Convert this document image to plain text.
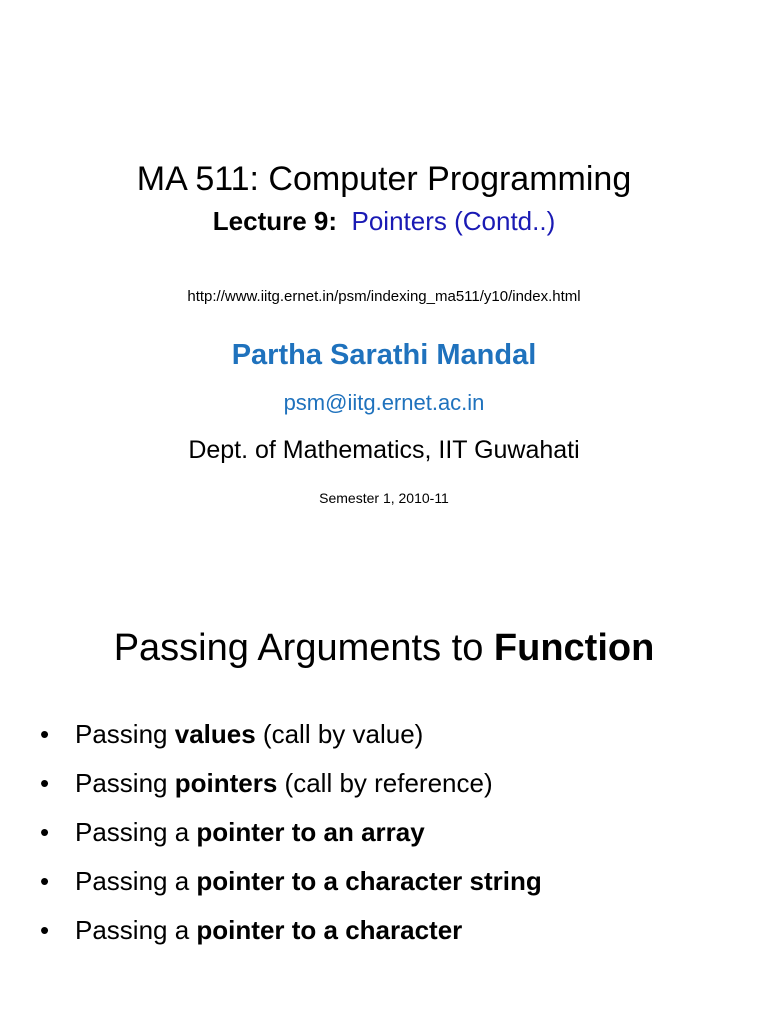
MA 511: Computer Programming
Lecture 9: Pointers (Contd..)
http://www.iitg.ernet.in/psm/indexing_ma511/y10/index.html
Partha Sarathi Mandal
psm@iitg.ernet.ac.in
Dept. of Mathematics, IIT Guwahati
Semester 1, 2010-11
Passing Arguments to Function
• Passing values (call by value)
• Passing pointers (call by reference)
• Passing a pointer to an array
• Passing a pointer to a character string
• Passing a pointer to a character
